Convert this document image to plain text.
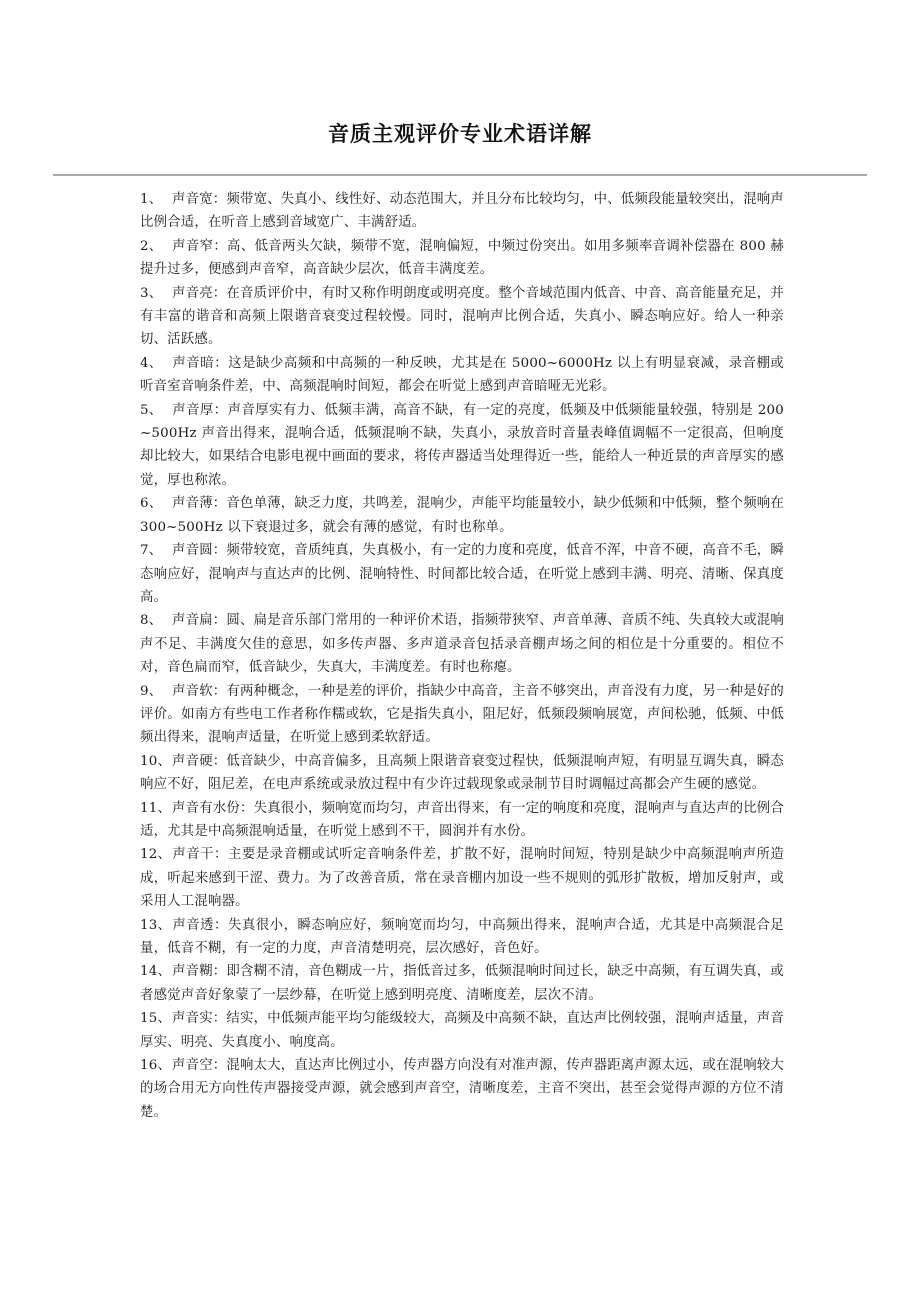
音质主观评价专业术语详解

1、 声音宽：频带宽、失真小、线性好、动态范围大，并且分布比较均匀，中、低频段能量较突出，混响声比例合适，在听音上感到音域宽广、丰满舒适。

2、 声音窄：高、低音两头欠缺，频带不宽，混响偏短，中频过份突出。如用多频率音调补偿器在 800 赫提升过多，便感到声音窄，高音缺少层次，低音丰满度差。

3、 声音亮：在音质评价中，有时又称作明朗度或明亮度。整个音域范围内低音、中音、高音能量充足，并有丰富的谐音和高频上限谐音衰变过程较慢。同时，混响声比例合适，失真小、瞬态响应好。给人一种亲切、活跃感。

4、 声音暗：这是缺少高频和中高频的一种反映，尤其是在 5000~6000Hz 以上有明显衰减，录音棚或听音室音响条件差，中、高频混响时间短，都会在听觉上感到声音暗哑无光彩。

5、 声音厚：声音厚实有力、低频丰满，高音不缺，有一定的亮度，低频及中低频能量较强，特别是 200~500Hz 声音出得来，混响合适，低频混响不缺，失真小，录放音时音量表峰值调幅不一定很高，但响度却比较大，如果结合电影电视中画面的要求，将传声器适当处理得近一些，能给人一种近景的声音厚实的感觉，厚也称浓。

6、 声音薄：音色单薄，缺乏力度，共鸣差，混响少，声能平均能量较小，缺少低频和中低频，整个频响在 300~500Hz 以下衰退过多，就会有薄的感觉，有时也称单。

7、 声音圆：频带较宽，音质纯真，失真极小，有一定的力度和亮度，低音不浑，中音不硬，高音不毛，瞬态响应好，混响声与直达声的比例、混响特性、时间都比较合适，在听觉上感到丰满、明亮、清晰、保真度高。

8、 声音扁：圆、扁是音乐部门常用的一种评价术语，指频带狭窄、声音单薄、音质不纯、失真较大或混响声不足、丰满度欠佳的意思，如多传声器、多声道录音包括录音棚声场之间的相位是十分重要的。相位不对，音色扁而窄，低音缺少，失真大，丰满度差。有时也称瘪。

9、 声音软：有两种概念，一种是差的评价，指缺少中高音，主音不够突出，声音没有力度，另一种是好的评价。如南方有些电工作者称作糯或软，它是指失真小，阻尼好，低频段频响展宽，声间松驰，低频、中低频出得来，混响声适量，在听觉上感到柔软舒适。

10、声音硬：低音缺少，中高音偏多，且高频上限谐音衰变过程快，低频混响声短，有明显互调失真，瞬态响应不好，阻尼差，在电声系统或录放过程中有少许过载现象或录制节目时调幅过高都会产生硬的感觉。

11、声音有水份：失真很小，频响宽而均匀，声音出得来，有一定的响度和亮度，混响声与直达声的比例合适，尤其是中高频混响适量，在听觉上感到不干，圆润并有水份。

12、声音干：主要是录音棚或试听定音响条件差，扩散不好，混响时间短，特别是缺少中高频混响声所造成，听起来感到干涩、费力。为了改善音质，常在录音棚内加设一些不规则的弧形扩散板，增加反射声，或采用人工混响器。

13、声音透：失真很小，瞬态响应好，频响宽而均匀，中高频出得来，混响声合适，尤其是中高频混合足量，低音不糊，有一定的力度，声音清楚明亮，层次感好，音色好。

14、声音糊：即含糊不清，音色糊成一片，指低音过多，低频混响时间过长，缺乏中高频，有互调失真，或者感觉声音好象蒙了一层纱幕，在听觉上感到明亮度、清晰度差，层次不清。

15、声音实：结实，中低频声能平均匀能级较大，高频及中高频不缺，直达声比例较强，混响声适量，声音厚实、明亮、失真度小、响度高。

16、声音空：混响太大，直达声比例过小，传声器方向没有对准声源，传声器距离声源太远，或在混响较大的场合用无方向性传声器接受声源，就会感到声音空，清晰度差，主音不突出，甚至会觉得声源的方位不清楚。
